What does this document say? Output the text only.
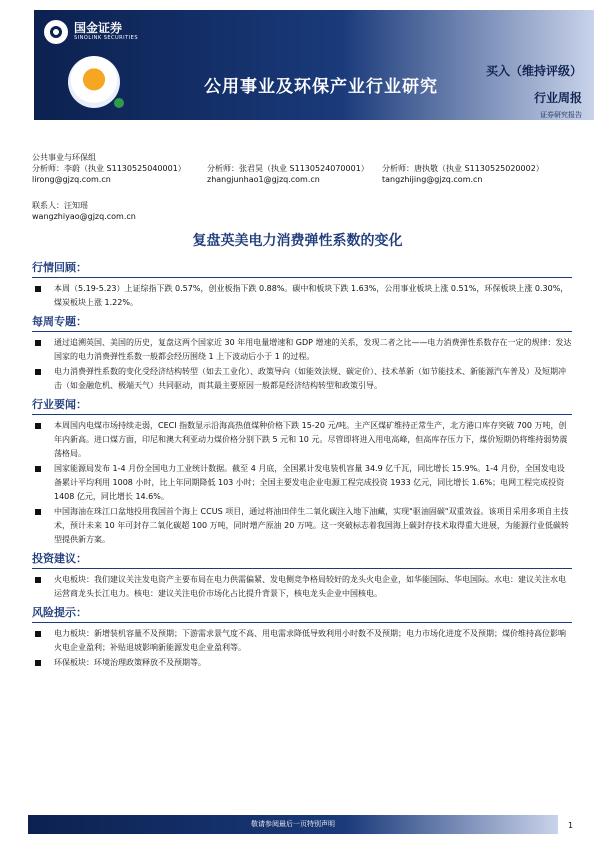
国金证券
SINOLINK SECURITIES
公用事业及环保产业行业研究
买入（维持评级）
行业周报
证券研究报告
公共事业与环保组
分析师：李蔚（执业 S1130525040001）
lirong@gjzq.com.cn
分析师：张君昊（执业 S1130524070001）
zhangjunhao1@gjzq.com.cn
分析师：唐执敬（执业 S1130525020002）
tangzhijing@gjzq.com.cn
联系人：汪知瑶
wangzhiyao@gjzq.com.cn
复盘英美电力消费弹性系数的变化
行情回顾：
本周（5.19-5.23）上证综指下跌 0.57%，创业板指下跌 0.88%。碳中和板块下跌 1.63%，公用事业板块上涨 0.51%，环保板块上涨 0.30%，煤炭板块上涨 1.22%。
每周专题：
通过追溯英国、美国的历史，复盘这两个国家近 30 年用电量增速和 GDP 增速的关系，发现二者之比——电力消费弹性系数存在一定的规律：发达国家的电力消费弹性系数一般都会经历围绕 1 上下波动后小于 1 的过程。
电力消费弹性系数的变化受经济结构转型（如去工业化）、政策导向（如能效法规、碳定价）、技术革新（如节能技术、新能源汽车普及）及短期冲击（如金融危机、极端天气）共同驱动，而其最主要原因一般都是经济结构转型和政策引导。
行业要闻：
本周国内电煤市场持续走弱，CECI 指数显示沿海高热值煤种价格下跌 15-20 元/吨。主产区煤矿维持正常生产，北方港口库存突破 700 万吨，创年内新高。进口煤方面，印尼和澳大利亚动力煤价格分别下跌 5 元和 10 元。尽管即将进入用电高峰，但高库存压力下，煤价短期仍将维持弱势震荡格局。
国家能源局发布 1-4 月份全国电力工业统计数据。截至 4 月底，全国累计发电装机容量 34.9 亿千瓦，同比增长 15.9%。1-4 月份，全国发电设备累计平均利用 1008 小时，比上年同期降低 103 小时；全国主要发电企业电源工程完成投资 1933 亿元，同比增长 1.6%；电网工程完成投资 1408 亿元，同比增长 14.6%。
中国海油在珠江口盆地投用我国首个海上 CCUS 项目，通过将油田伴生二氧化碳注入地下油藏，实现"驱油固碳"双重效益。该项目采用多项自主技术，预计未来 10 年可封存二氧化碳超 100 万吨，同时增产原油 20 万吨。这一突破标志着我国海上碳封存技术取得重大进展，为能源行业低碳转型提供新方案。
投资建议：
火电板块：我们建议关注发电资产主要布局在电力供需偏紧、发电侧竞争格局较好的龙头火电企业，如华能国际、华电国际。水电：建议关注水电运营商龙头长江电力。核电：建议关注电价市场化占比提升背景下，核电龙头企业中国核电。
风险提示：
电力板块：新增装机容量不及预期；下游需求景气度不高、用电需求降低导致利用小时数不及预期；电力市场化进度不及预期；煤价维持高位影响火电企业盈利；补贴退坡影响新能源发电企业盈利等。
环保板块：环境治理政策释放不及预期等。
敬请参阅最后一页特别声明	1
